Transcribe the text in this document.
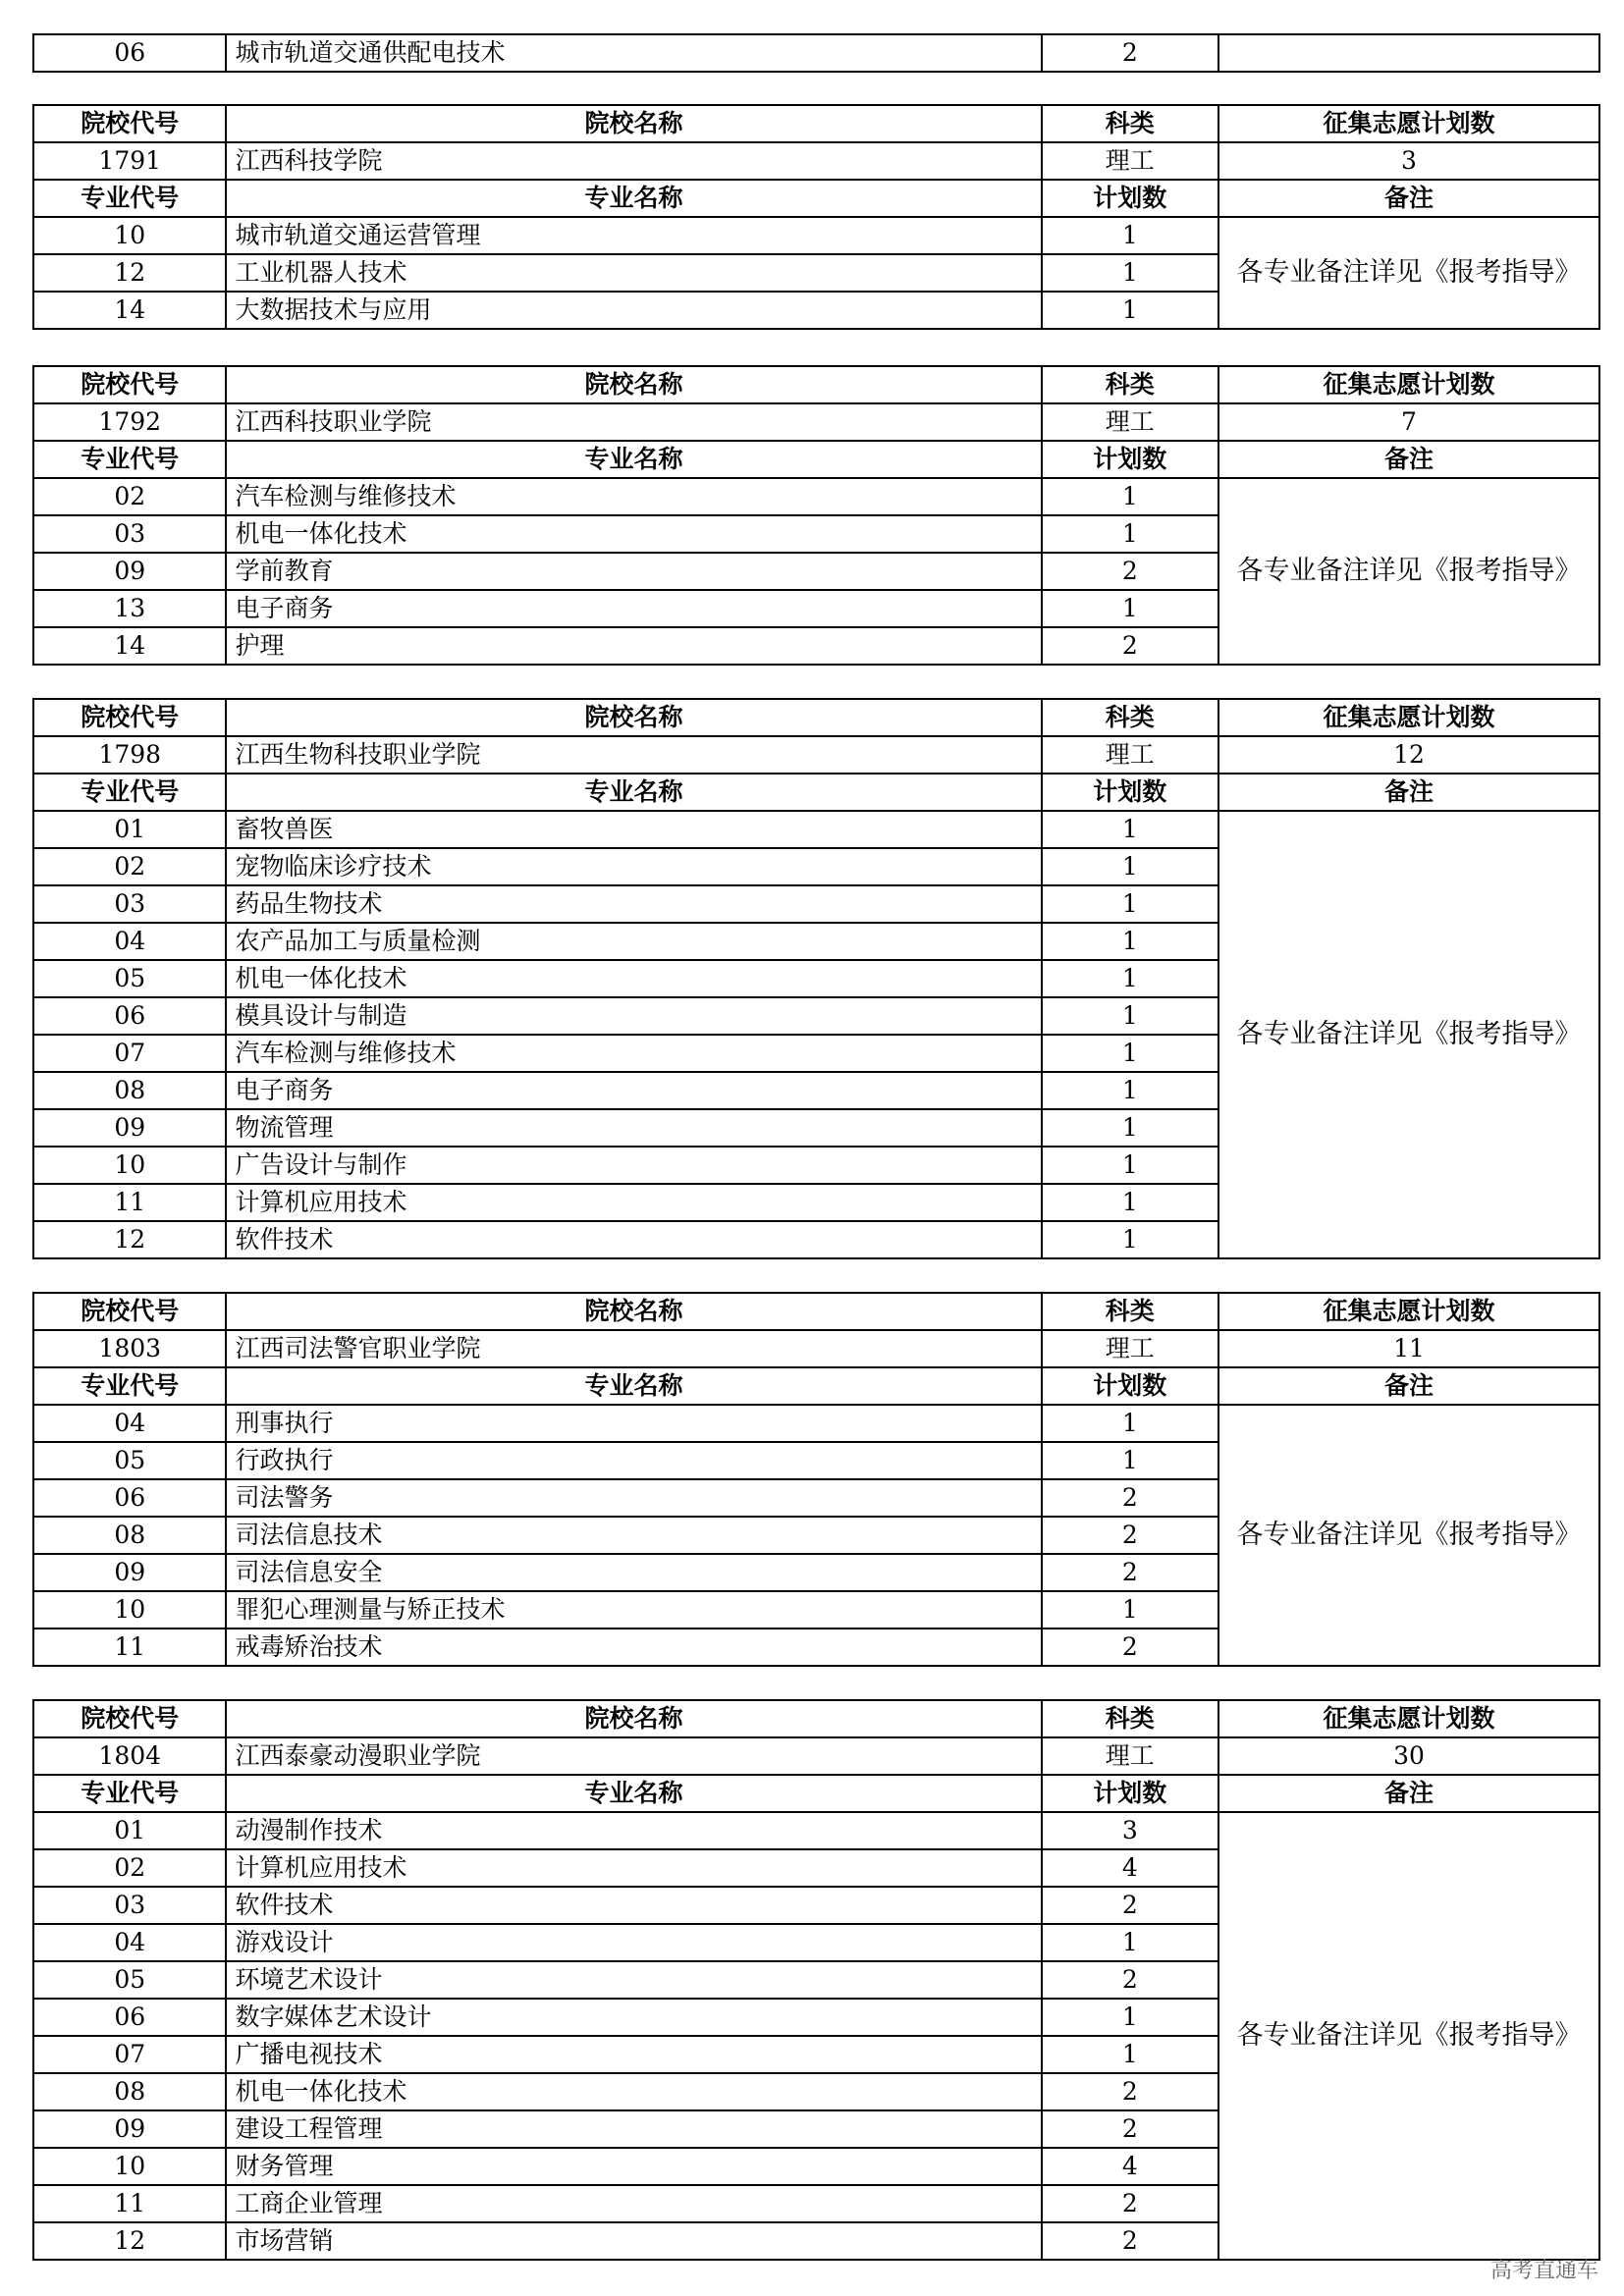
06	城市轨道交通供配电技术	2	
院校代号	院校名称	科类	征集志愿计划数
1791	江西科技学院	理工	3
专业代号	专业名称	计划数	备注
10	城市轨道交通运营管理	1	各专业备注详见《报考指导》
12	工业机器人技术	1	
14	大数据技术与应用	1	
院校代号	院校名称	科类	征集志愿计划数
1792	江西科技职业学院	理工	7
专业代号	专业名称	计划数	备注
02	汽车检测与维修技术	1	各专业备注详见《报考指导》
03	机电一体化技术	1	
09	学前教育	2	
13	电子商务	1	
14	护理	2	
院校代号	院校名称	科类	征集志愿计划数
1798	江西生物科技职业学院	理工	12
专业代号	专业名称	计划数	备注
01	畜牧兽医	1	各专业备注详见《报考指导》
02	宠物临床诊疗技术	1	
03	药品生物技术	1	
04	农产品加工与质量检测	1	
05	机电一体化技术	1	
06	模具设计与制造	1	
07	汽车检测与维修技术	1	
08	电子商务	1	
09	物流管理	1	
10	广告设计与制作	1	
11	计算机应用技术	1	
12	软件技术	1	
院校代号	院校名称	科类	征集志愿计划数
1803	江西司法警官职业学院	理工	11
专业代号	专业名称	计划数	备注
04	刑事执行	1	各专业备注详见《报考指导》
05	行政执行	1	
06	司法警务	2	
08	司法信息技术	2	
09	司法信息安全	2	
10	罪犯心理测量与矫正技术	1	
11	戒毒矫治技术	2	
院校代号	院校名称	科类	征集志愿计划数
1804	江西泰豪动漫职业学院	理工	30
专业代号	专业名称	计划数	备注
01	动漫制作技术	3	各专业备注详见《报考指导》
02	计算机应用技术	4	
03	软件技术	2	
04	游戏设计	1	
05	环境艺术设计	2	
06	数字媒体艺术设计	1	
07	广播电视技术	1	
08	机电一体化技术	2	
09	建设工程管理	2	
10	财务管理	4	
11	工商企业管理	2	
12	市场营销	2	
高考直通车
